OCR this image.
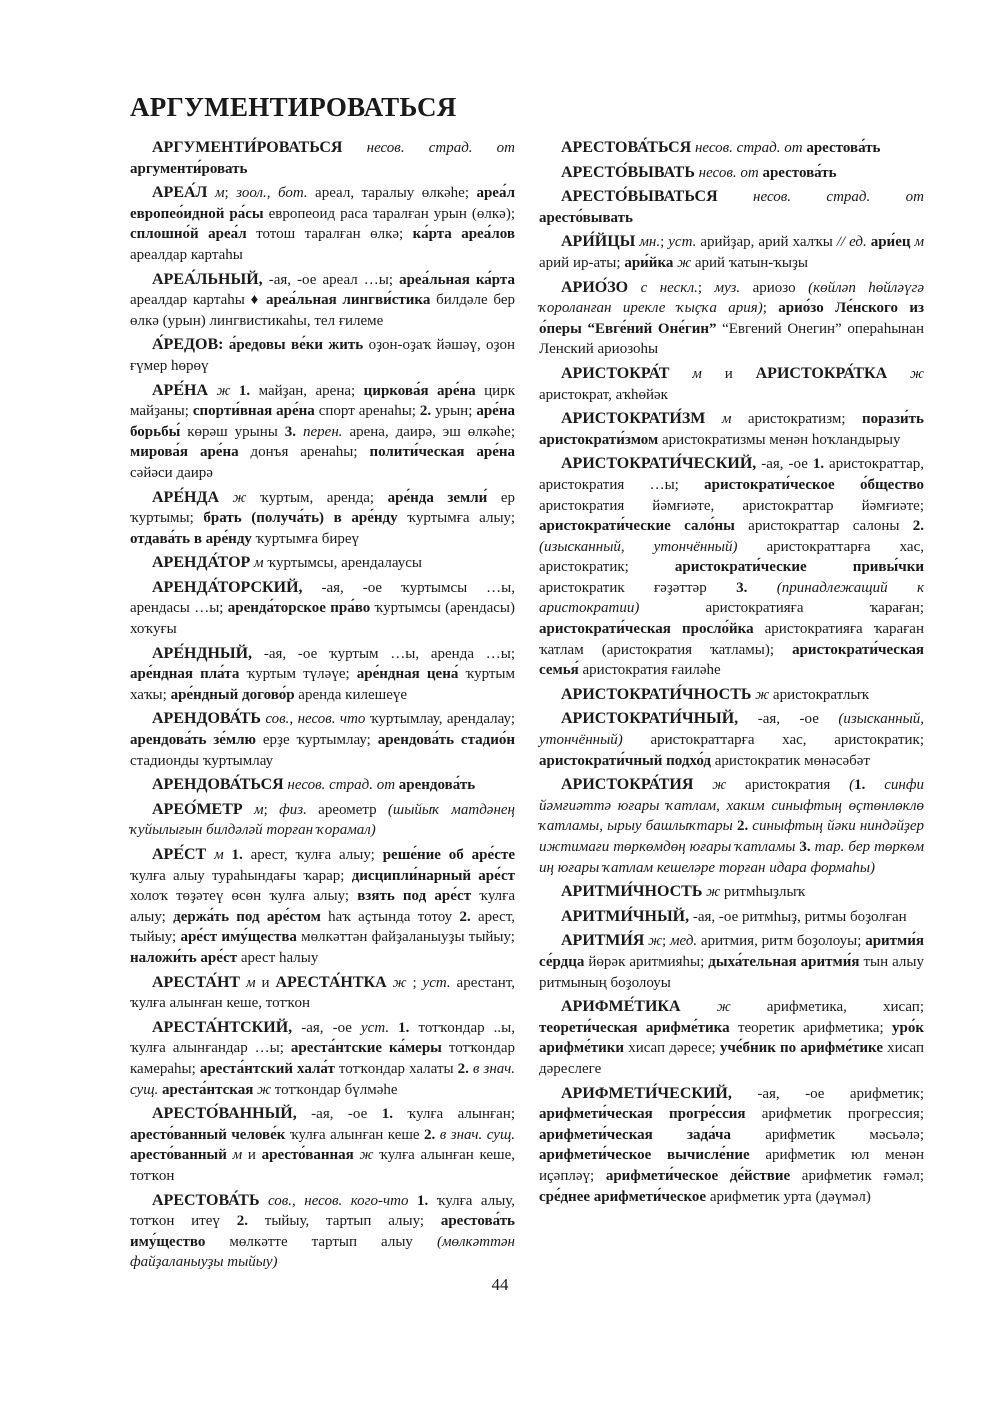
АРГУМЕНТИРОВАТЬСЯ

АРГУМЕНТИ́РОВАТЬСЯ несов. страд. от аргументи́ровать

АРЕА́Л м; зоол., бот. ареал, таралыу өлкәһе; ареа́л европео́идной ра́сы европеоид раса таралған урын (өлкә); сплошно́й ареа́л тотош таралған өлкә; ка́рта ареа́лов ареалдар картаһы

АРЕА́ЛЬНЫЙ, -ая, -ое ареал …ы; ареа́льная ка́рта ареалдар картаһы ♦ ареа́льная лингви́стика билдәле бер өлкә (урын) лингвистикаһы, тел ғилеме

А́РЕДОВ: а́редовы ве́ки жить оҙон-оҙаҡ йәшәү, оҙон ғүмер һөрөү

АРЕ́НА ж 1. майҙан, арена; циркова́я аре́на цирк майҙаны; спорти́вная аре́на спорт аренаһы; 2. урын; аре́на борьбы́ көрәш урыны 3. перен. арена, даирә, эш өлкәһе; мирова́я аре́на донъя аренаһы; полити́ческая аре́на сәйәси даирә

АРЕ́НДА ж ҡуртым, аренда; аре́нда земли́ ер ҡуртымы; брать (получа́ть) в аре́нду ҡуртымға алыу; отдава́ть в аре́нду ҡуртымға биреү

АРЕНДА́ТОР м ҡуртымсы, арендалаусы

АРЕНДА́ТОРСКИЙ, -ая, -ое ҡуртымсы …ы, арендасы …ы; аренда́торское пра́во ҡуртымсы (арендасы) хоҡуғы

АРЕ́НДНЫЙ, -ая, -ое ҡуртым …ы, аренда …ы; аре́ндная пла́та ҡуртым түләүе; аре́ндная цена́ ҡуртым хаҡы; аре́ндный догово́р аренда килешеүе

АРЕНДОВА́ТЬ сов., несов. что ҡуртымлау, арендалау; арендова́ть зе́млю ерҙе ҡуртымлау; арендова́ть стадио́н стадионды ҡуртымлау

АРЕНДОВА́ТЬСЯ несов. страд. от арендова́ть

АРЕО́МЕТР м; физ. ареометр (шыйыҡ матдәнең ҡуйылығын билдәләй торған ҡорамал)

АРЕ́СТ м 1. арест, ҡулға алыу; реше́ние об аре́сте ҡулға алыу тураһындағы ҡарар; дисципли́нарный аре́ст холоҡ төҙәтеү өсөн ҡулға алыу; взять под аре́ст ҡулға алыу; держа́ть под аре́стом һаҡ аҫтында тотоу 2. арест, тыйыу; аре́ст иму́щества мөлкәттән файҙаланыуҙы тыйыу; наложи́ть аре́ст арест һалыу

АРЕСТА́НТ м и АРЕСТА́НТКА ж ; уст. арестант, ҡулға алынған кеше, тотҡон

АРЕСТА́НТСКИЙ, -ая, -ое уст. 1. тотҡондар ..ы, ҡулға алынғандар …ы; ареста́нтские ка́меры тотҡондар камераһы; ареста́нтский хала́т тотҡондар халаты 2. в знач. сущ. ареста́нтская ж тотҡондар бүлмәһе

АРЕСТО́ВАННЫЙ, -ая, -ое 1. ҡулға алынған; аресто́ванный челове́к ҡулға алынған кеше 2. в знач. сущ. аресто́ванный м и аресто́ванная ж ҡулға алынған кеше, тотҡон

АРЕСТОВА́ТЬ сов., несов. кого-что 1. ҡулға алыу, тотҡон итеү 2. тыйыу, тартып алыу; арестова́ть иму́щество мөлкәтте тартып алыу (мөлкәттән файҙаланыуҙы тыйыу)

АРЕСТОВА́ТЬСЯ несов. страд. от арестова́ть

АРЕСТО́ВЫВАТЬ несов. от арестова́ть

АРЕСТО́ВЫВАТЬСЯ несов. страд. от аресто́вывать

АРИ́ЙЦЫ мн.; уст. арийҙар, арий халҡы // ед. ари́ец м арий ир-аты; ари́йка ж арий ҡатын-ҡыҙы

АРИО́ЗО с нескл.; муз. ариозо (көйләп һөйләүгә ҡороланған ирекле ҡыҫҡа ария); арио́зо Ле́нского из о́перы “Евге́ний Оне́гин” “Евгений Онегин” операһынан Ленский ариозоһы

АРИСТОКРА́Т м и АРИСТОКРА́ТКА ж аристократ, аҡһөйәк

АРИСТОКРАТИ́ЗМ м аристократизм; порази́ть аристократи́змом аристократизмы менән һоҡландырыу

АРИСТОКРАТИ́ЧЕСКИЙ, -ая, -ое 1. аристократтар, аристократия …ы; аристократи́ческое о́бщество аристократия йәмғиәте, аристократтар йәмғиәте; аристократи́ческие сало́ны аристократтар салоны 2. (изысканный, утончённый) аристократтарға хас, аристократик; аристократи́ческие привы́чки аристократик ғәҙәттәр 3. (принадлежащий к аристократии) аристократияға ҡараған; аристократи́ческая просло́йка аристократияға ҡараған ҡатлам (аристократия ҡатламы); аристократи́ческая семья́ аристократия ғаиләһе

АРИСТОКРАТИ́ЧНОСТЬ ж аристократлыҡ

АРИСТОКРАТИ́ЧНЫЙ, -ая, -ое (изысканный, утончённый) аристократтарға хас, аристократик; аристократи́чный подхо́д аристократик мөнәсәбәт

АРИСТОКРА́ТИЯ ж аристократия (1. синфи йәмғиәттә юғары ҡатлам, хаким синыфтың өҫтөнлөклө ҡатламы, ырыу башлыҡтары 2. синыфтың йәки ниндәйҙер ижтимағи төркөмдөң юғары ҡатламы 3. тар. бер төркөм иң юғары ҡатлам кешеләре торған идара формаһы)

АРИТМИ́ЧНОСТЬ ж ритмһыҙлыҡ

АРИТМИ́ЧНЫЙ, -ая, -ое ритмһыҙ, ритмы боҙолған

АРИТМИ́Я ж; мед. аритмия, ритм боҙолоуы; аритми́я се́рдца йөрәк аритмияһы; дыха́тельная аритми́я тын алыу ритмының боҙолоуы

АРИФМЕ́ТИКА ж арифметика, хисап; теорети́ческая арифме́тика теоретик арифметика; уро́к арифме́тики хисап дәресе; уче́бник по арифме́тике хисап дәреслеге

АРИФМЕТИ́ЧЕСКИЙ, -ая, -ое арифметик; арифмети́ческая прогре́ссия арифметик прогрессия; арифмети́ческая зада́ча арифметик мәсьәлә; арифмети́ческое вычисле́ние арифметик юл менән иҫәпләү; арифмети́ческое де́йствие арифметик ғәмәл; сре́днее арифмети́ческое арифметик урта (дәүмәл)

44
